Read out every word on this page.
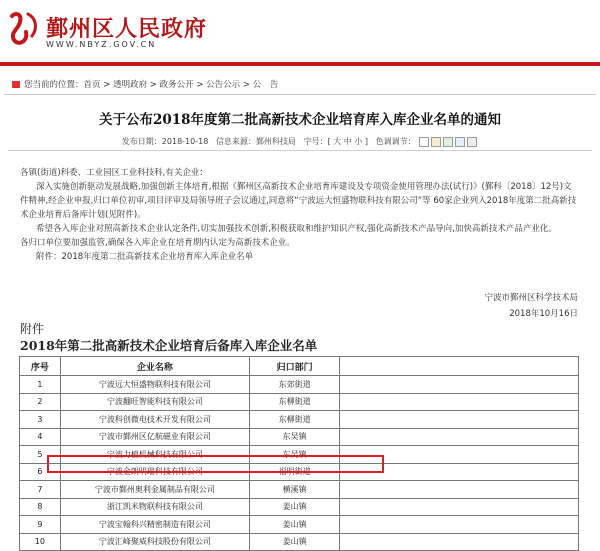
鄞州区人民政府
WWW.NBYZ.GOV.CN
您当前的位置：首页 > 透明政府 > 政务公开 > 公告公示 > 公　告
关于公布2018年度第二批高新技术企业培育库入库企业名单的通知
发布日期：2018-10-18 信息来源：鄞州科技局 字号：[ 大 中 小 ] 色调调节：

各镇(街道)科委、工业园区工业科技科,有关企业：

深入实施创新驱动发展战略,加强创新主体培育,根据《鄞州区高新技术企业培育库建设及专项资金使用管理办法(试行)》(鄞科〔2018〕12号)文件精神,经企业申报,归口单位初审,项目评审及局领导班子会议通过,同意将“宁波远大恒盛物联科技有限公司”等 60家企业列入2018年度第二批高新技术企业培育后备库计划(见附件)。

希望各入库企业对照高新技术企业认定条件,切实加强技术创新,积极获取和维护知识产权,强化高新技术产品导向,加快高新技术产品产业化。

各归口单位要加强监管,确保各入库企业在培育期内认定为高新技术企业。

附件：2018年度第二批高新技术企业培育库入库企业名单

宁波市鄞州区科学技术局
2018年10月16日
附件
2018年第二批高新技术企业培育后备库入库企业名单
序号	企业名称	归口部门	
1	宁波远大恒盛物联科技有限公司	东郊街道	
2	宁波翻旺智能科技有限公司	东柳街道	
3	宁波科创微电技术开发有限公司	东柳街道	
4	宁波市鄞州区亿航磁业有限公司	东吴镇	
5	宁波力植机械科技有限公司	东吴镇	
6	宁波金朗明瑞科技有限公司	福明街道	
7	宁波市鄞州奥利金属制品有限公司	横溪镇	
8	浙江凯米物联科技有限公司	姜山镇	
9	宁波宝翰科兴精密制造有限公司	姜山镇	
10	宁波汇峰聚威科技股份有限公司	姜山镇	
